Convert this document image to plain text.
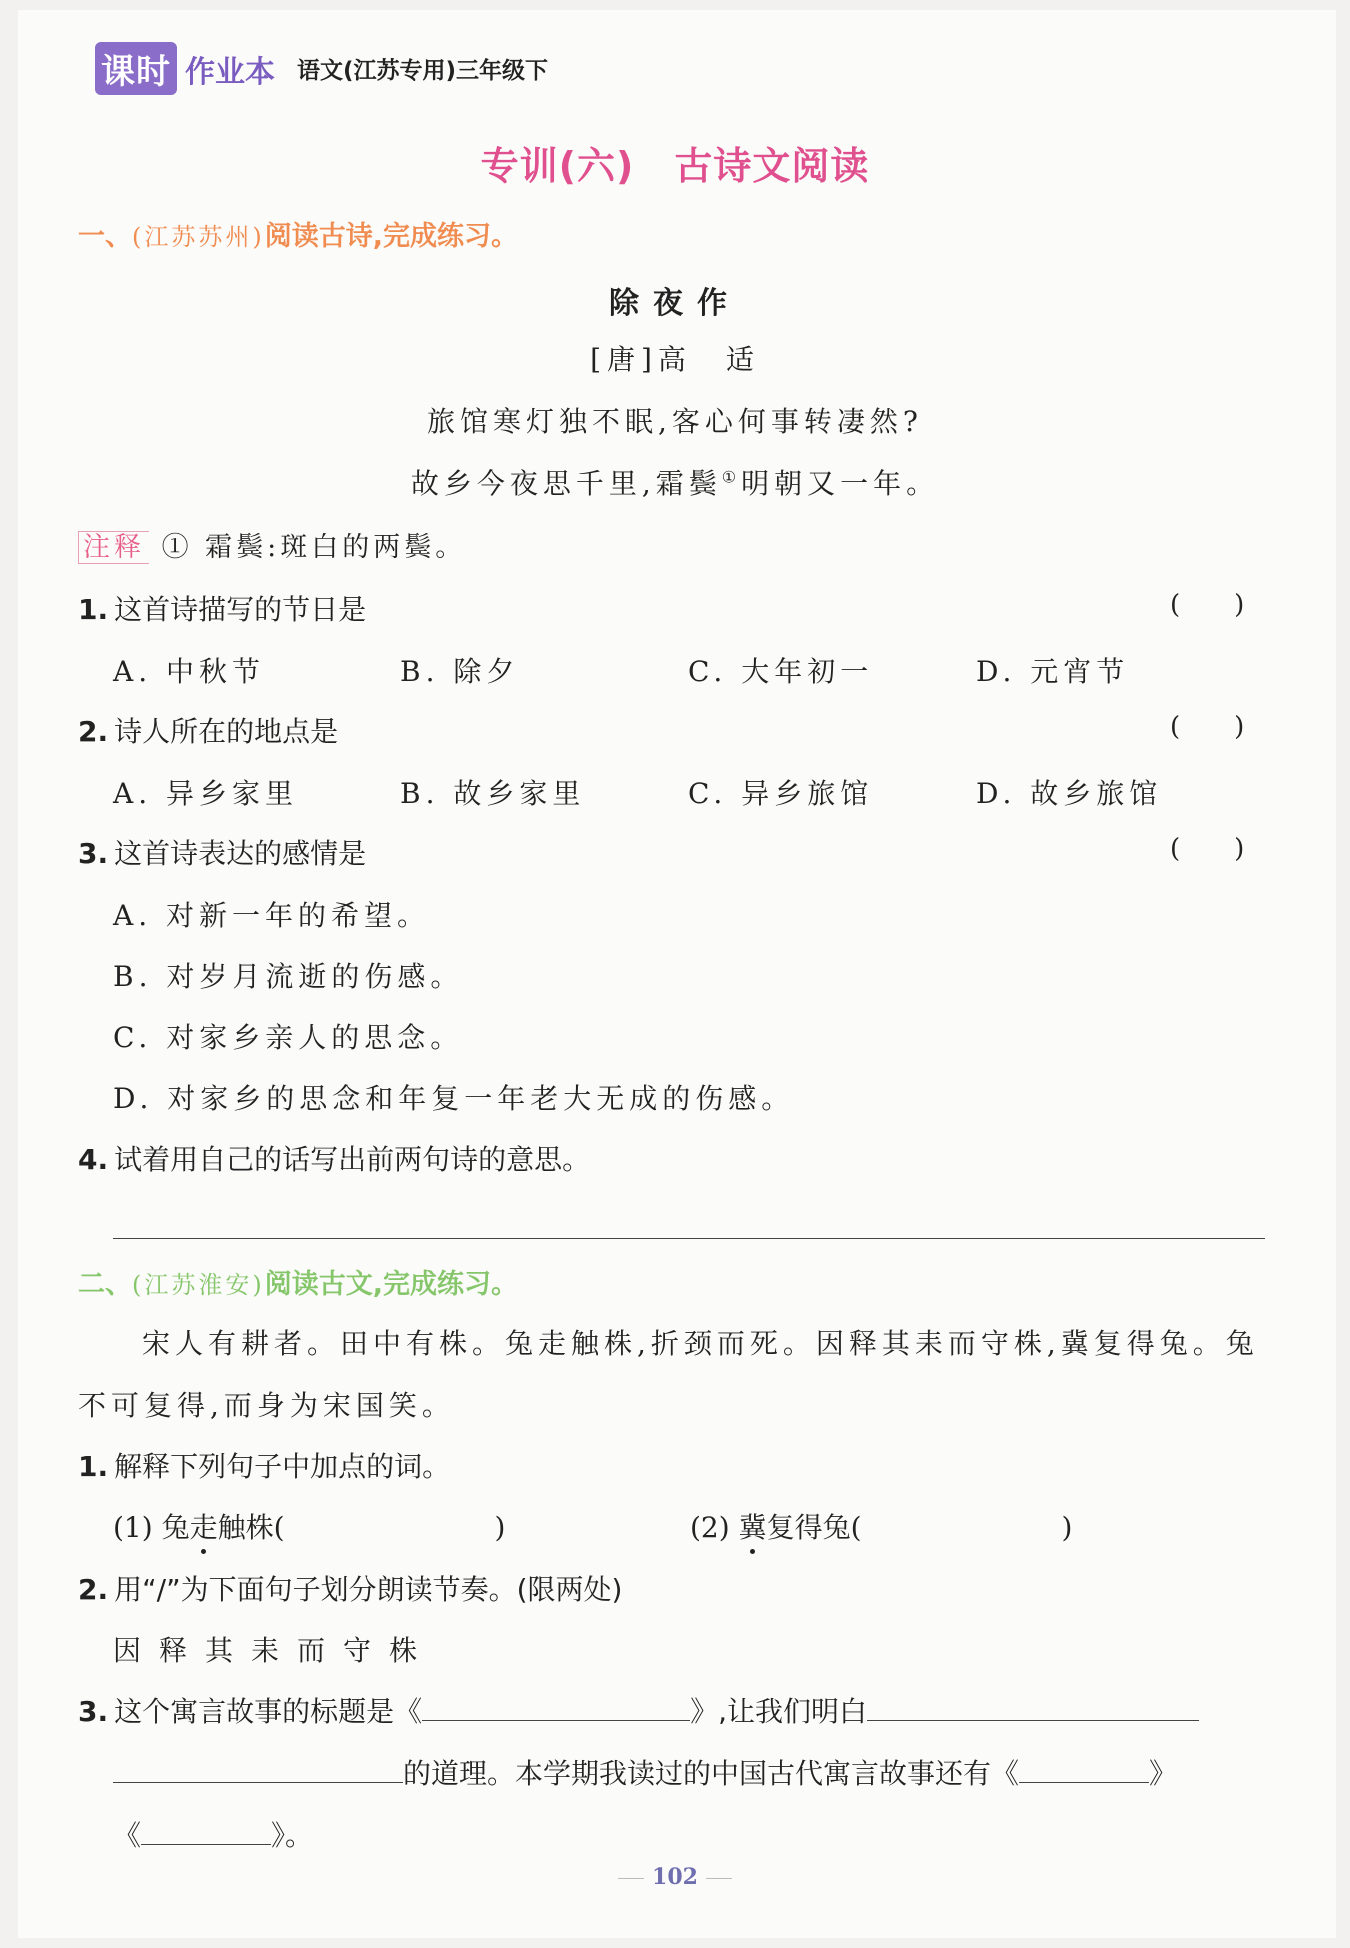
课时 作业本 语文(江苏专用)三年级下
专训(六) 古诗文阅读
一、(江苏苏州)阅读古诗,完成练习。
除夜作
[唐]高　适
旅馆寒灯独不眠,客心何事转凄然?
故乡今夜思千里,霜鬓①明朝又一年。
注释 ① 霜鬓:斑白的两鬓。
1. 这首诗描写的节日是	( )
A. 中秋节	B. 除夕	C. 大年初一	D. 元宵节
2. 诗人所在的地点是	( )
A. 异乡家里	B. 故乡家里	C. 异乡旅馆	D. 故乡旅馆
3. 这首诗表达的感情是	( )
A. 对新一年的希望。
B. 对岁月流逝的伤感。
C. 对家乡亲人的思念。
D. 对家乡的思念和年复一年老大无成的伤感。
4. 试着用自己的话写出前两句诗的意思。
二、(江苏淮安)阅读古文,完成练习。
宋人有耕者。田中有株。兔走触株,折颈而死。因释其耒而守株,冀复得兔。兔
不可复得,而身为宋国笑。
1. 解释下列句子中加点的词。
(1) 兔走触株(	)	(2) 冀复得兔(	)
2. 用“/”为下面句子划分朗读节奏。(限两处)
因释其耒而守株
3. 这个寓言故事的标题是《	》,让我们明白
的道理。本学期我读过的中国古代寓言故事还有《	》
《	》。
102
